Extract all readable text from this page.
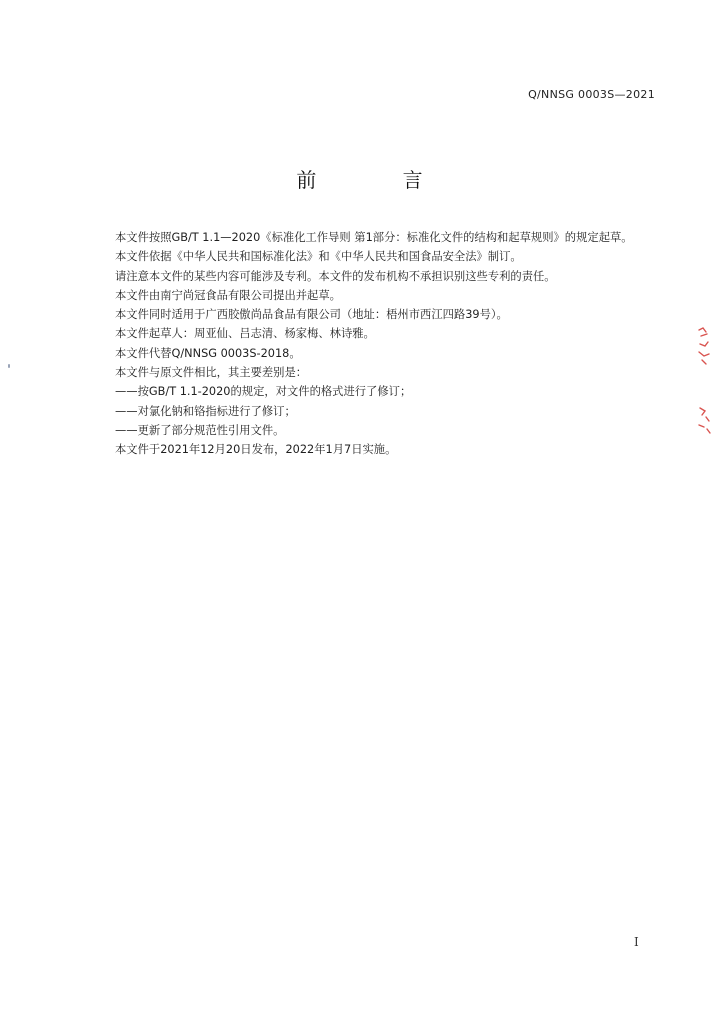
Q/NNSG 0003S—2021
前 言

本文件按照GB/T 1.1—2020《标准化工作导则 第1部分：标准化文件的结构和起草规则》的规定起草。

本文件依据《中华人民共和国标准化法》和《中华人民共和国食品安全法》制订。

请注意本文件的某些内容可能涉及专利。本文件的发布机构不承担识别这些专利的责任。

本文件由南宁尚冠食品有限公司提出并起草。

本文件同时适用于广西胶傲尚品食品有限公司（地址：梧州市西江四路39号）。

本文件起草人：周亚仙、吕志清、杨家梅、林诗雅。

本文件代替Q/NNSG 0003S-2018。

本文件与原文件相比，其主要差别是：

——按GB/T 1.1-2020的规定，对文件的格式进行了修订；

——对氯化钠和铬指标进行了修订；

——更新了部分规范性引用文件。

本文件于2021年12月20日发布，2022年1月7日实施。

I
